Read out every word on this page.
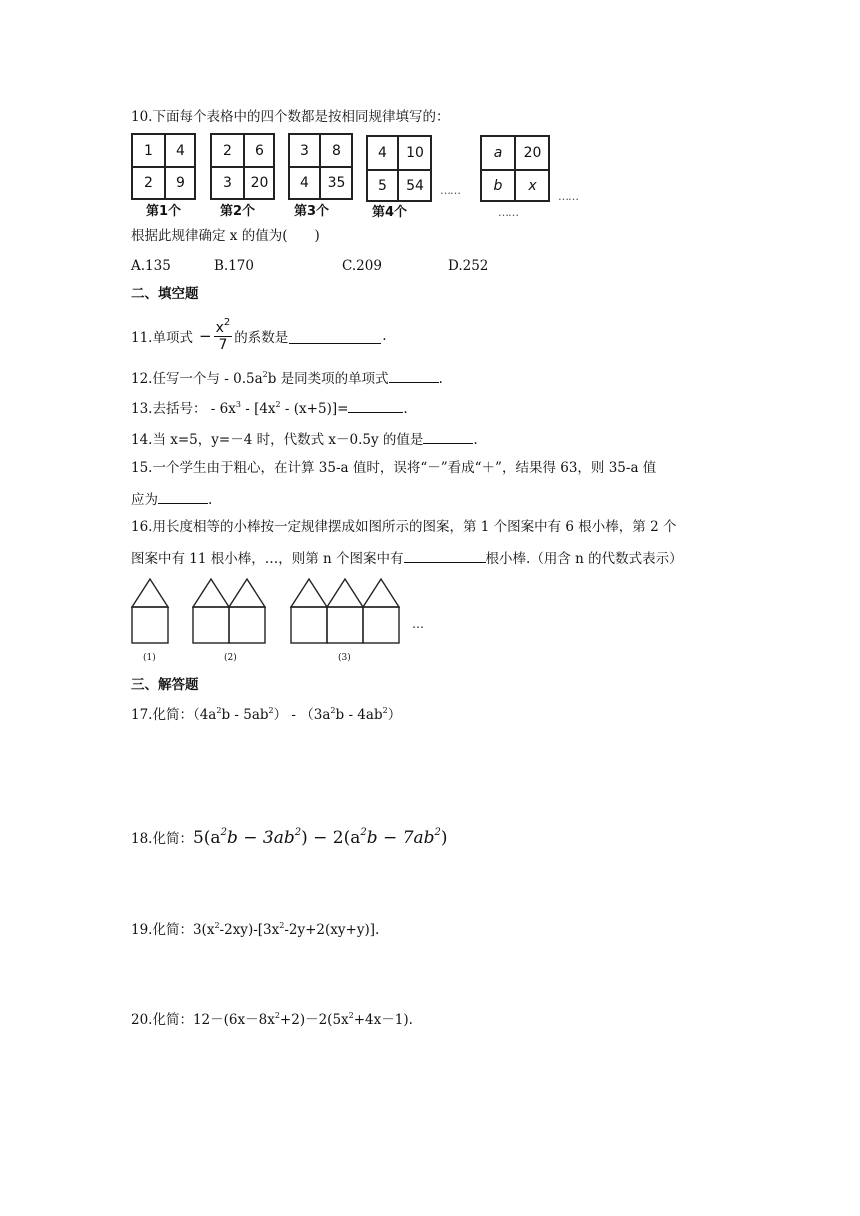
10.下面每个表格中的四个数都是按相同规律填写的：
1	4
2	9
第1个
2	6
3	20
第2个
3	8
4	35
第3个
4	10
5	54
第4个
……
a	20
b	x
……
……
根据此规律确定 x 的值为(　　)
A.135	B.170	C.209	D.252
二、填空题
11.单项式 − $\frac{x^2}{7}$ 的系数是	.
12.任写一个与 - $0.5a^2b$ 是同类项的单项式	.
13.去括号： - $6x^3 - [4x^2 - (x+5)]=$	.
14.当 x=5，y=－4 时，代数式 x－0.5y 的值是	.
15.一个学生由于粗心，在计算 35-a 值时，误将“－”看成“＋”，结果得 63，则 35-a 值
应为	.
16.用长度相等的小棒按一定规律摆成如图所示的图案，第 1 个图案中有 6 根小棒，第 2 个
图案中有 11 根小棒，…，则第 n 个图案中有	根小棒.（用含 n 的代数式表示）
(1)	(2)	(3)
…
三、解答题
17.化简：$(4a^2b - 5ab^2) - (3a^2b - 4ab^2)$
18.化简：$5(a^2b - 3ab^2) - 2(a^2b - 7ab^2)$
19.化简：$3(x^2-2xy)-[3x^2-2y+2(xy+y)]$.
20.化简：$12-(6x-8x^2+2)-2(5x^2+4x-1)$.
